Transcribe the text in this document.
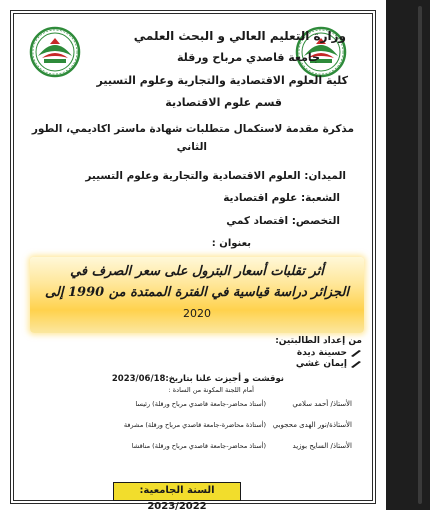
وزارة التعليم العالي و البحث العلمي
جامعة قاصدي مرباح ورقلة
كلية العلوم الاقتصادية والتجارية وعلوم التسيير
قسم علوم الاقتصادية
مذكرة مقدمة لاستكمال متطلبات شهادة ماستر اكاديمي، الطور
الثاني
الميدان: العلوم الاقتصادية والتجارية وعلوم التسيير
الشعبة: علوم اقتصادية
التخصص: اقتصاد كمي
بعنوان :
أثر تقلبات أسعار البترول على سعر الصرف في
الجزائر دراسة قياسية في الفترة الممتدة من 1990 إلى
2020
من إعداد الطالبتين:
حسينة ديدة
إيمان غشي
نوقشت و أجيزت علنا بتاريخ:2023/06/18
أمام اللجنة المكونة من السادة :
الأستاذ/ أحمد سلامي
(أستاذ محاضر-جامعة قاصدي مرباح ورقلة) رئيسا
الأستاذة/نور الهدى محجوبي
(أستاذة محاضرة-جامعة قاصدي مرباح ورقلة) مشرفة
الأستاذ/ السايح بوزيد
(أستاذ محاضر-جامعة قاصدي مرباح ورقلة) مناقشا
السنة الجامعية: 2023/2022
